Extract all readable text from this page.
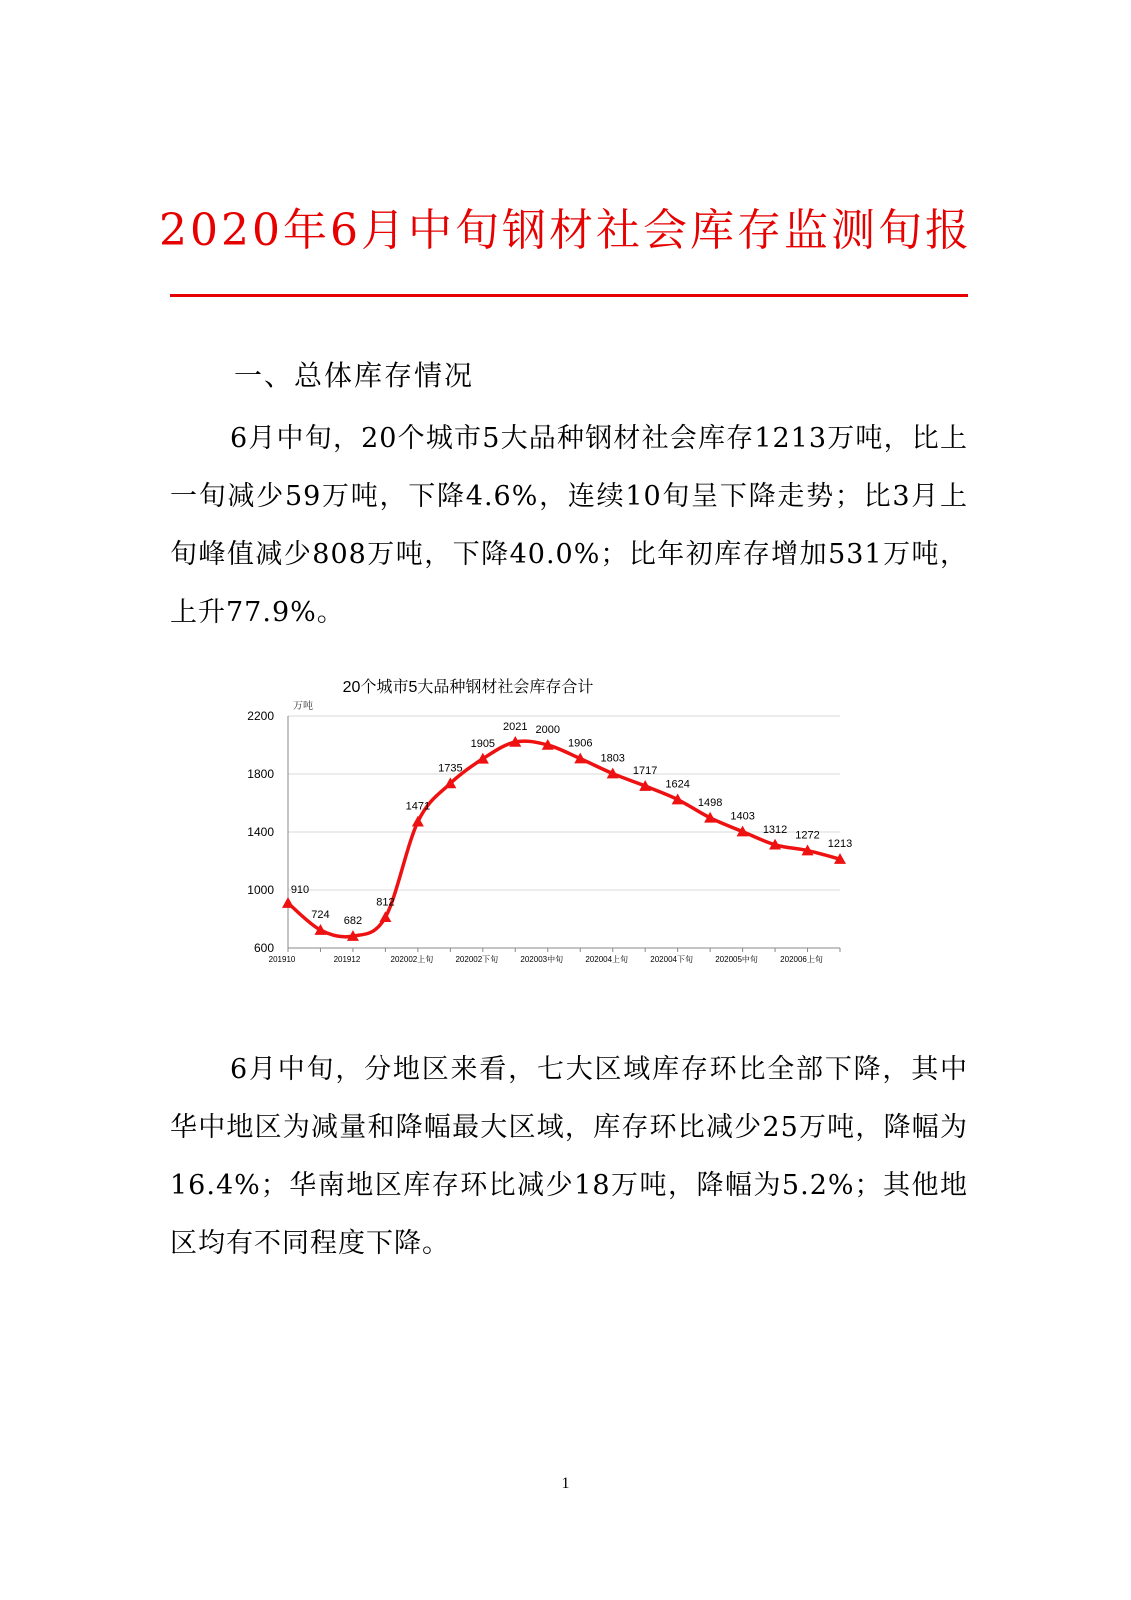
2020年6月中旬钢材社会库存监测旬报
一、总体库存情况
6月中旬，20个城市5大品种钢材社会库存1213万吨，比上一旬减少59万吨，下降4.6%，连续10旬呈下降走势；比3月上旬峰值减少808万吨，下降40.0%；比年初库存增加531万吨，上升77.9%。
20个城市5大品种钢材社会库存合计
万吨
600
1000
1400
1800
2200
201910	201912	202002上旬	202002下旬	202003中旬	202004上旬	202004下旬	202005中旬	202006上旬
910
724
682
812
1471
1735
1905
2021 2000
1906
1803
1717
1624
1498
1403
1312 1272
1213
6月中旬，分地区来看，七大区域库存环比全部下降，其中华中地区为减量和降幅最大区域，库存环比减少25万吨，降幅为16.4%；华南地区库存环比减少18万吨，降幅为5.2%；其他地区均有不同程度下降。
1
